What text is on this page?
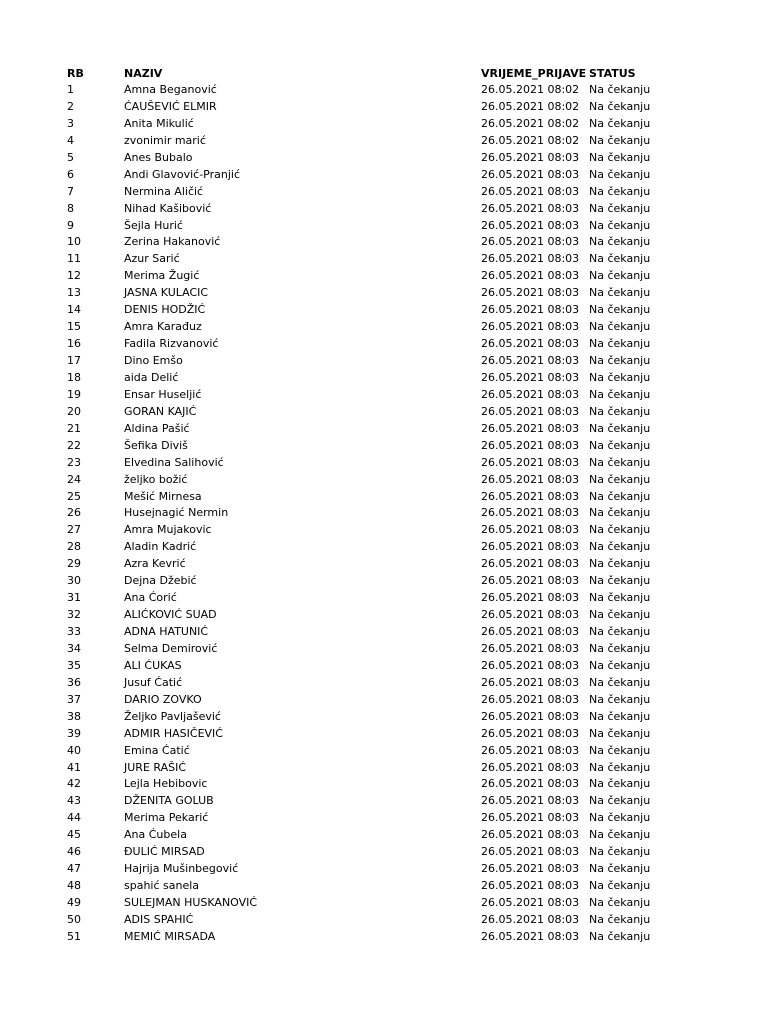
RB	NAZIV	VRIJEME_PRIJAVE STATUS
1	Amna Beganović	26.05.2021 08:02 Na čekanju
2	ĆAUŠEVIĆ ELMIR	26.05.2021 08:02 Na čekanju
3	Anita Mikulić	26.05.2021 08:02 Na čekanju
4	zvonimir marić	26.05.2021 08:02 Na čekanju
5	Anes Bubalo	26.05.2021 08:03 Na čekanju
6	Andi Glavović-Pranjić	26.05.2021 08:03 Na čekanju
7	Nermina Aličić	26.05.2021 08:03 Na čekanju
8	Nihad Kašibović	26.05.2021 08:03 Na čekanju
9	Šejla Hurić	26.05.2021 08:03 Na čekanju
10	Zerina Hakanović	26.05.2021 08:03 Na čekanju
11	Azur Sarić	26.05.2021 08:03 Na čekanju
12	Merima Žugić	26.05.2021 08:03 Na čekanju
13	JASNA KULACIC	26.05.2021 08:03 Na čekanju
14	DENIS HODŽIĆ	26.05.2021 08:03 Na čekanju
15	Amra Karađuz	26.05.2021 08:03 Na čekanju
16	Fadila Rizvanović	26.05.2021 08:03 Na čekanju
17	Dino Emšo	26.05.2021 08:03 Na čekanju
18	aida Delić	26.05.2021 08:03 Na čekanju
19	Ensar Huseljić	26.05.2021 08:03 Na čekanju
20	GORAN KAJIĆ	26.05.2021 08:03 Na čekanju
21	Aldina Pašić	26.05.2021 08:03 Na čekanju
22	Šefika Diviš	26.05.2021 08:03 Na čekanju
23	Elvedina Salihović	26.05.2021 08:03 Na čekanju
24	željko božić	26.05.2021 08:03 Na čekanju
25	Mešić Mirnesa	26.05.2021 08:03 Na čekanju
26	Husejnagić Nermin	26.05.2021 08:03 Na čekanju
27	Amra Mujakovic	26.05.2021 08:03 Na čekanju
28	Aladin Kadrić	26.05.2021 08:03 Na čekanju
29	Azra Kevrić	26.05.2021 08:03 Na čekanju
30	Dejna Džebić	26.05.2021 08:03 Na čekanju
31	Ana Ćorić	26.05.2021 08:03 Na čekanju
32	ALIĆKOVIĆ SUAD	26.05.2021 08:03 Na čekanju
33	ADNA HATUNIĆ	26.05.2021 08:03 Na čekanju
34	Selma Demirović	26.05.2021 08:03 Na čekanju
35	ALI ĆUKAS	26.05.2021 08:03 Na čekanju
36	Jusuf Ćatić	26.05.2021 08:03 Na čekanju
37	DARIO ZOVKO	26.05.2021 08:03 Na čekanju
38	Željko Pavljašević	26.05.2021 08:03 Na čekanju
39	ADMIR HASIČEVIĆ	26.05.2021 08:03 Na čekanju
40	Emina Ćatić	26.05.2021 08:03 Na čekanju
41	JURE RAŠIĆ	26.05.2021 08:03 Na čekanju
42	Lejla Hebibovic	26.05.2021 08:03 Na čekanju
43	DŽENITA GOLUB	26.05.2021 08:03 Na čekanju
44	Merima Pekarić	26.05.2021 08:03 Na čekanju
45	Ana Ćubela	26.05.2021 08:03 Na čekanju
46	ĐULIĆ MIRSAD	26.05.2021 08:03 Na čekanju
47	Hajrija Mušinbegović	26.05.2021 08:03 Na čekanju
48	spahić sanela	26.05.2021 08:03 Na čekanju
49	SULEJMAN HUSKANOVIĆ	26.05.2021 08:03 Na čekanju
50	ADIS SPAHIĆ	26.05.2021 08:03 Na čekanju
51	MEMIĆ MIRSADA	26.05.2021 08:03 Na čekanju
